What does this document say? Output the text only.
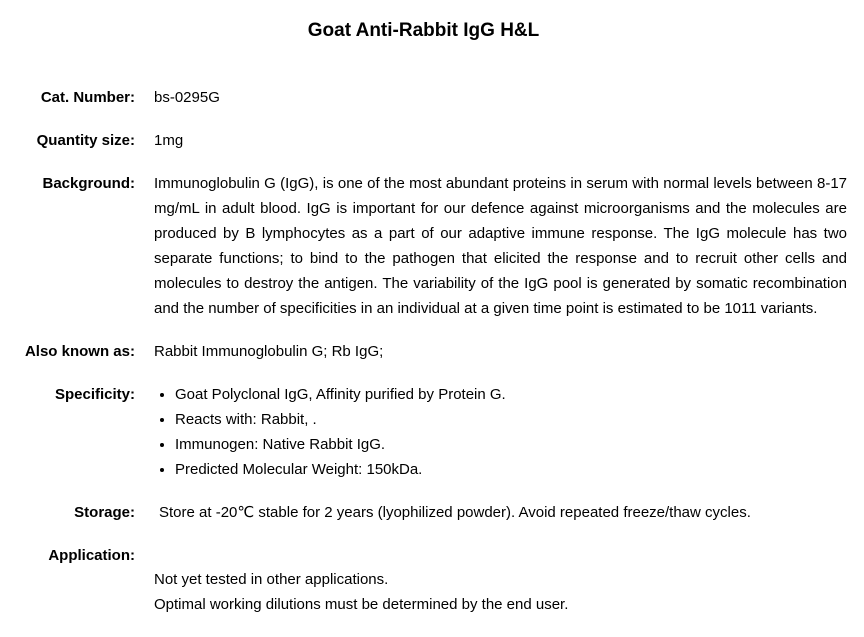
Goat Anti-Rabbit IgG H&L
Cat. Number: bs-0295G
Quantity size: 1mg
Background: Immunoglobulin G (IgG), is one of the most abundant proteins in serum with normal levels between 8-17 mg/mL in adult blood. IgG is important for our defence against microorganisms and the molecules are produced by B lymphocytes as a part of our adaptive immune response. The IgG molecule has two separate functions; to bind to the pathogen that elicited the response and to recruit other cells and molecules to destroy the antigen. The variability of the IgG pool is generated by somatic recombination and the number of specificities in an individual at a given time point is estimated to be 1011 variants.
Also known as: Rabbit Immunoglobulin G; Rb IgG;
Specificity:	• Goat Polyclonal IgG, Affinity purified by Protein G.
• Reacts with: Rabbit, .
• Immunogen: Native Rabbit IgG.
• Predicted Molecular Weight: 150kDa.
Storage:	Store at -20℃ stable for 2 years (lyophilized powder). Avoid repeated freeze/thaw cycles.
Application:
Not yet tested in other applications.
Optimal working dilutions must be determined by the end user.
